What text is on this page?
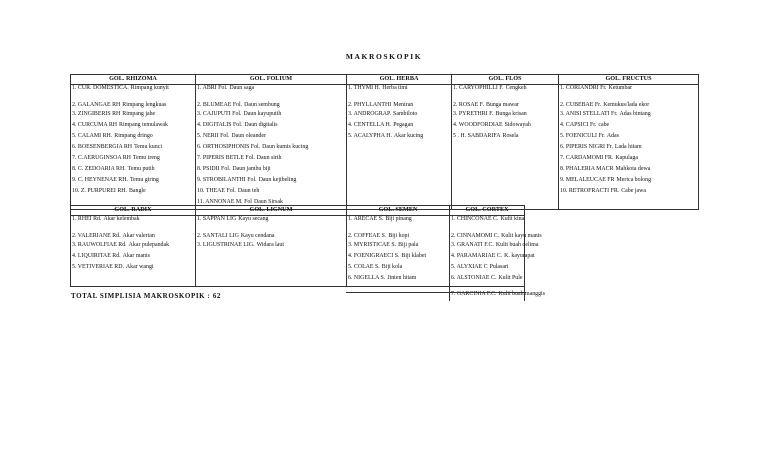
MAKROSKOPIK
GOL. RHIZOMA	GOL. FOLIUM	GOL. HERBA	GOL. FLOS	GOL. FRUCTUS

1. CUR. DOMESTICA. Rimpang kunyit	1. ABRI Fol. Daun saga	1. THYMI H. Herba timi	1. CARYOPHILLI F. Cengkeh	1. CORIANDRI Fr. Ketumbar

2. GALANGAE RH Rimpang lengkuas	2. BLUMEAE Fol. Daun sembung	2. PHYLLANTHI Meniran	2. ROSAE F. Bunga mawar	2. CUBEBAE Fr. Kemukus/lada ekor

3. ZINGIBERIS RH Rimpang jahe	3. CAJUPUTI Fol. Daun kayuputih	3. ANDROGRAP. Sambiloto	3. PYRETHRI F. Bunga krisan	3. ANISI STELLATI Fr. Adas bintang

4. CURCUMA RH Rimpang temulawak	4. DIGITALIS Fol. Daun digitalis	4. CENTELLA H. Pegagan	4. WOODFORDIAE Sidowayah	4. CAPSICI Fr. cabe

5. CALAMI RH. Rimpang dringo	5. NERII Fol. Daun oleander	5. ACALYPHA H. Akar kucing	5 . H. SABDARIFA Rosela	5. FOENICULI Fr. Adas

6. BOESENBERGIA RH Temu kunci	6. ORTHOSIPHONIS Fol. Daun kumis kucing			6. PIPERIS NIGRI Fr. Lada hitam

7. C.AERUGINSOA RH Temu ireng	7. PIPERIS BETLE Fol. Daun sirih			7. CARDAMOMI FR. Kapulaga

8. C. ZEDOARIA RH. Temu putih	8. PSIDII Fol. Daun jambu biji			8. PHALERIA MACR Mahkota dewa

9. C. HEYNENAE RH. Temu giring	9. STROBILANTHI Fol. Daun kejibeling			9. MELALEUCAE FR Merica bolong

10. Z. PURPUREI RH. Bangle	10. THEAE Fol. Daun teh			10. RETROFRACTI FR. Cabe jawa

	11. ANNONAE M. Fol Daun Sirsak			

GOL. RADIX	GOL. LIGNUM	GOL. SEMEN	GOL. CORTEX

1. RHEI Rd. Akar kelembak	1. SAPPAN LIG Kayu secang	1. ARECAE S. Biji pinang	1. CHINCONAE C. Kulit kina

2. VALERIANE Rd. Akar valerian	2. SANTALI LIG Kayu cendana	2. COFFEAE S. Biji kopi	2. CINNAMOMI C. Kulit kayu manis

3. RAUWOLFIAE Rd. Akar pulepandak	3. LIGUSTRINAE LIG. Widara laut	3. MYRISTICAE S. Biji pala	3. GRANATI F.C. Kulit buah delima

4. LIQUIRITAE Rd. Akar manis		4. FOENIGRAECI S. Biji klabet	4. PARAMARIAE C. K. kayurapat

5. VETIVERIAE RD. Akar wangi		5. COLAE S. Biji kola	5. ALYXIAE C Pulasari

		6. NIGELLA S. Jinten hitam	6. ALSTONIAE C. Kulit Pule

			7. GARCINIA F.C. Kulit buah manggis
TOTAL SIMPLISIA MAKROSKOPIK : 62
